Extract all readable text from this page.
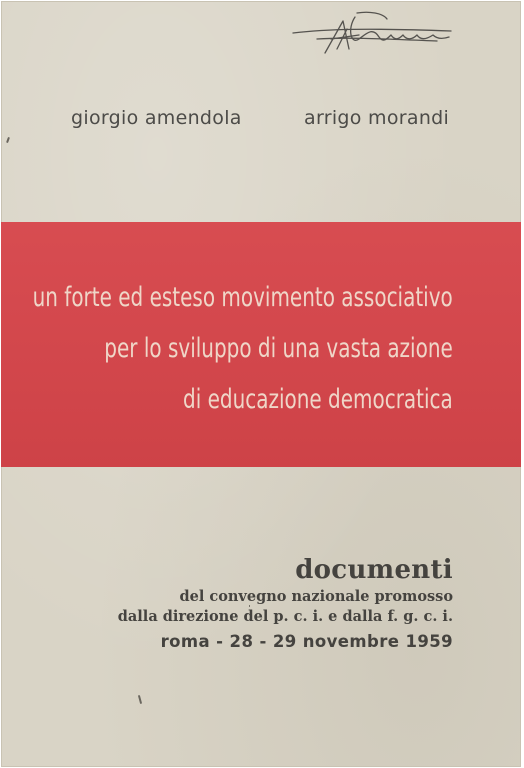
giorgio amendola	arrigo morandi
un forte ed esteso movimento associativo
per lo sviluppo di una vasta azione
di educazione democratica
documenti
del convegno nazionale promosso
dalla direzione del p. c. i. e dalla f. g. c. i.
roma - 28 - 29 novembre 1959
